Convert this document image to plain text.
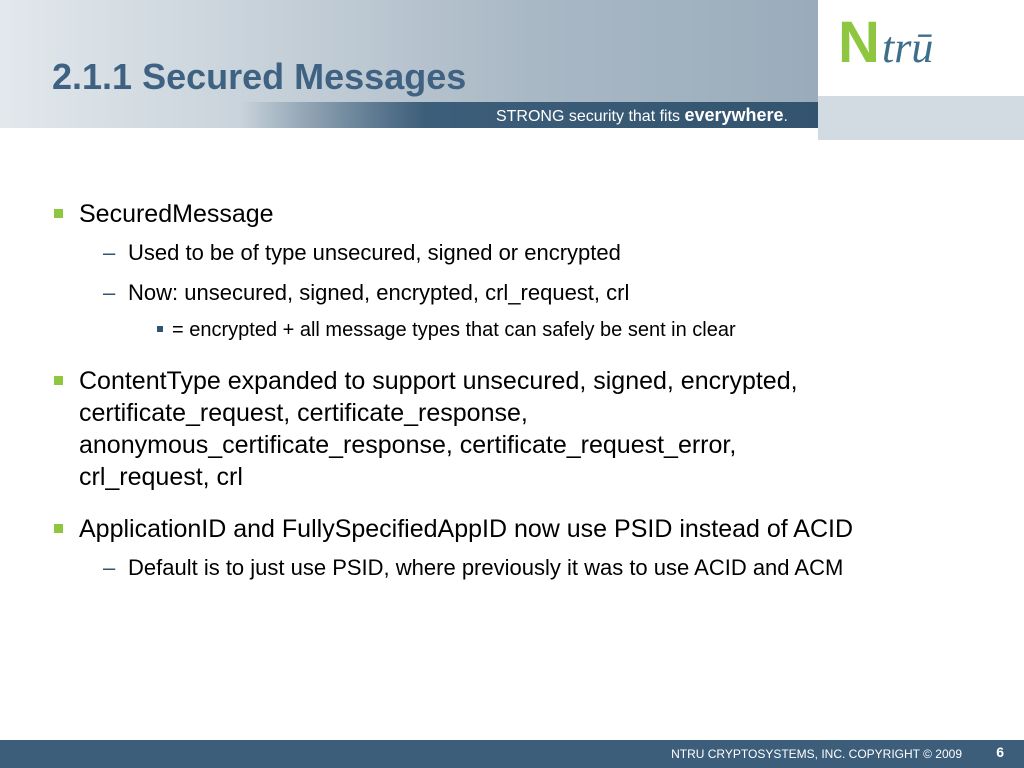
2.1.1 Secured Messages
STRONG security that fits everywhere.
N trū
SecuredMessage
– Used to be of type unsecured, signed or encrypted
– Now: unsecured, signed, encrypted, crl_request, crl
= encrypted + all message types that can safely be sent in clear
ContentType expanded to support unsecured, signed, encrypted, certificate_request, certificate_response, anonymous_certificate_response, certificate_request_error, crl_request, crl
ApplicationID and FullySpecifiedAppID now use PSID instead of ACID
– Default is to just use PSID, where previously it was to use ACID and ACM
NTRU CRYPTOSYSTEMS, INC. COPYRIGHT © 2009 6
